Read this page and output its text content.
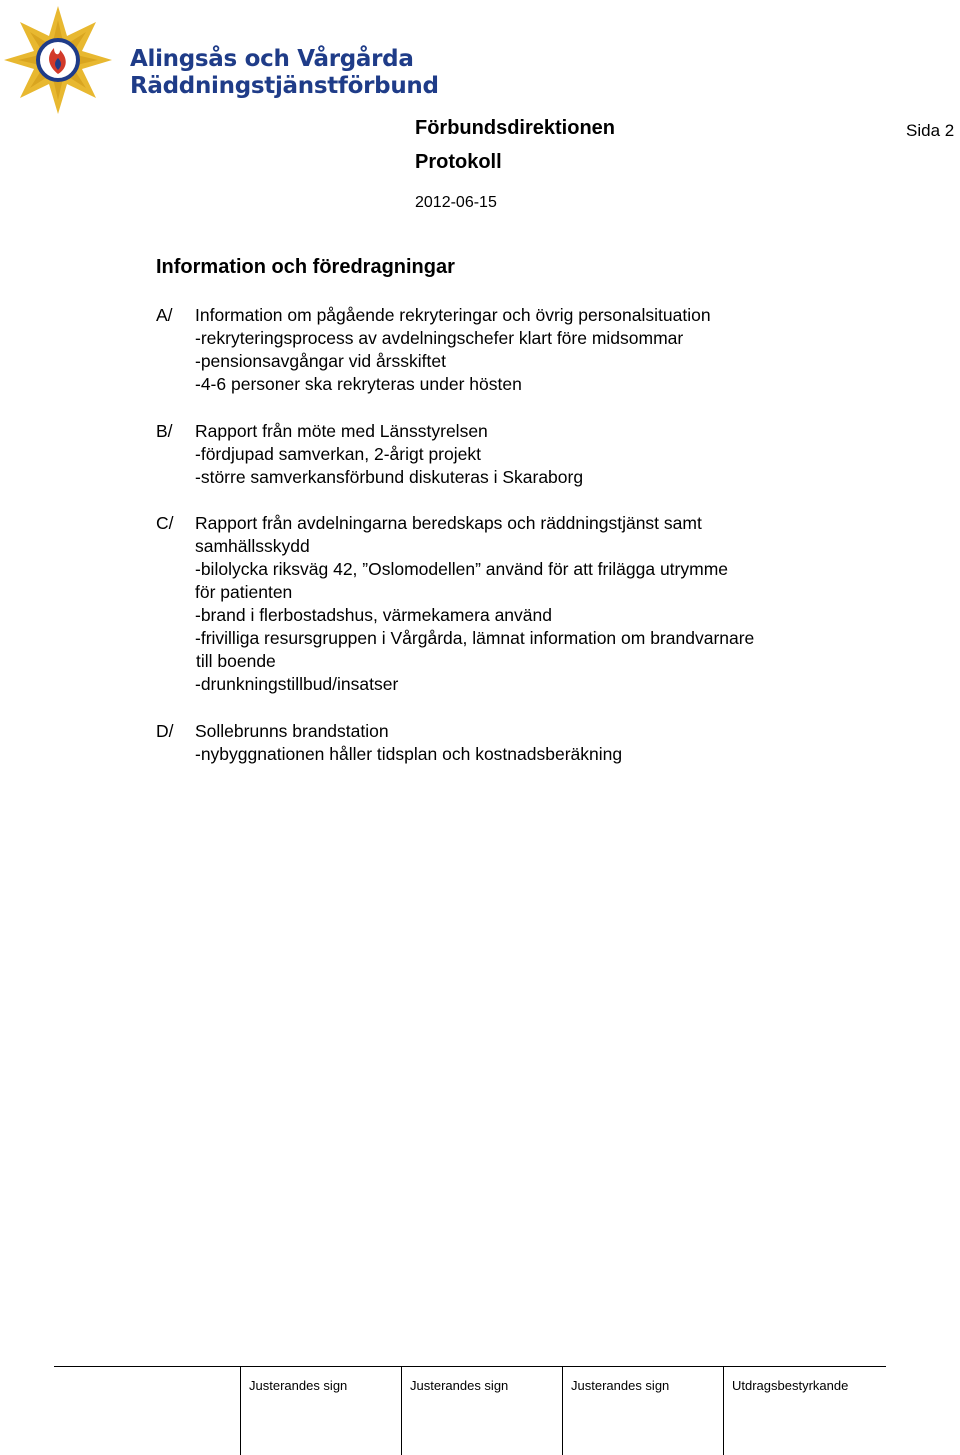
Alingsås och Vårgårda
Räddningstjänstförbund
Förbundsdirektionen	Sida 2
Protokoll
2012-06-15
Information och föredragningar
A/ Information om pågående rekryteringar och övrig personalsituation
-rekryteringsprocess av avdelningschefer klart före midsommar
-pensionsavgångar vid årsskiftet
-4-6 personer ska rekryteras under hösten
B/ Rapport från möte med Länsstyrelsen
-fördjupad samverkan, 2-årigt projekt
-större samverkansförbund diskuteras i Skaraborg
C/ Rapport från avdelningarna beredskaps och räddningstjänst samt
samhällsskydd
-bilolycka riksväg 42, ”Oslomodellen” använd för att frilägga utrymme
för patienten
-brand i flerbostadshus, värmekamera använd
-frivilliga resursgruppen i Vårgårda, lämnat information om brandvarnare
till boende
-drunkningstillbud/insatser
D/ Sollebrunns brandstation
-nybyggnationen håller tidsplan och kostnadsberäkning
Justerandes sign	Justerandes sign	Justerandes sign	Utdragsbestyrkande
